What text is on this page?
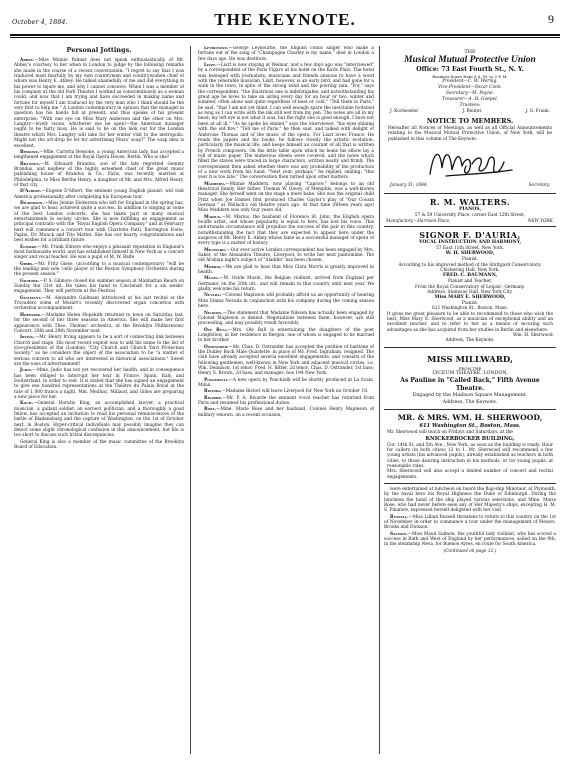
October 4, 1884.	THE KEYNOTE.	9
Personal Jottings.
Abbey.—Miss Minnie Palmer does not speak enthusiastically of Mr. Abbey's courtesy to her when in London to judge by the following remarks she made in the course of a recent conversation: "I regret to say that I was traduced most fearfully by my own countrymen and countrywomen chief of whom was Henry E. Abbey. He talked shamefully of me and did everything in his power to injure me, and why I cannot conceive. When I was a member of his company at the old Park Theatre I worked as conscientiously as a woman could, and now that I am trying and have succeeded in making name and fortune for myself I am traduced by the very man who I think should be the very first to help me." A London contemporary in opinion that the manager in question has his hands full at present, and thus speaks of his present enterprise: "With one eye on Miss Mary Anderson and the other on Mrs. Langtry—lovely vision, whichever eye be open!—the American manager ought to be fairly busy. He is said to be on the look out for the London theatre which Mrs. Langtry will take for her winter visit to the metropolis. Might not the art-drop be let for advertising Pears' soap?" The soap idea is excellent.
Bessone.—Mlle. Carlotta Bessone, a young American lady, has accepted a lengthened engagement at the Royal Opera House, Berlin. Who is she?
Brandus.—M. Edouard Brandus, son of the late regretted Gemmy Brandus, and nephew of the highly esteemed chief of the great music publishing house of Brandus & Co., Paris, was recently married at Philadelphia, to Miss Berthe Henry, a daughter of Mr. and Mrs. Alfred Henry, of that city.
D'Albert.—Eugene D'Albert, the eminent young English pianist, will visit America professionally after completing his European tour.
Dickerson.—Miss Jennie Dickerson who left for England in the spring has, we are glad to hear, achieved quite a success. In addition to singing at some of the best London concerts, she has taken part in many musical entertainments in society circles. She is now fulfilling an engagement as principal contralto with the "Royal English Opera Company," and in February next will commence a concert tour with Charlotta Patti, Barrington Foote, Papini, Dr. Munck and Tito Mattei. She has our hearty congratulations and best wishes for a brilliant future.
Elmore.—Mr. Frank Elmore who enjoys a pleasant reputation in England's most fashionable world, and has established himself in New York as a concert singer and vocal teacher. He was a pupil of M. W. Balfe.
Gibbs.—Mr. Fritz Giese, (according to a musical contemporary) "will be the leading and sole 'cello player of the Boston Symphony Orchestra during the present season."
Gilmore.—P. S. Gilmore closed his summer season at Manhattan Beach on Sunday the 31st ult. He takes his band to Cincinnati for a six weeks' engagement. They will perform at the Festival.
Guilmant.—M. Alexandre Guilmant introduced at his last recital at the Trocadéro some of Mozart's recently discovered organ concertos with orchestral accompaniment.
Hopekirk.—Madame Helen Hopekirk returned to town on Saturday last, for the second of her three seasons in America. She will make her first appearance with Theo. Thomas' orchestra, at the Brooklyn Philharmonic Concert, 28th and 29th November next.
Irving.—Mr. Henry Irving appears to be a sort of connecting link between Church and stage. His most recent exploit was to add his name to the list of vice-presidents of the (London) "City Church and Church Yard Protection Society," as he considers the object of the association to be "a matter of serious concern to all who are interested in historical associations." Sweet are the uses of advertisement!
Judic.—Mme. Judic has not yet recovered her health, and in consequence has been obliged to interrupt her tour in France, Spain, Italy, and Switzerland, in order to rest. It is stated that she has signed an engagement to give one hundred representations at the Théâtre du Palais Royal at the rate of 1,000 francs a night. Mm. Meilhac, Millaud, and Gilles are preparing a new piece for her.
Koch.—General Horatio King, an accomplished lawyer, a practical musician, a gallant soldier, an earnest politician, and a thoroughly a good fellow, has accepted an invitation to read his personal reminiscences of the battle of Bladensburg and the capture of Washington, on the 1st of October next, in Boston. Hyper-critical individuals may possibly imagine they can detect some slight chronological confusion in this announcement, but life is too short to discuss such trivial discrepancies.
General King is also a member of the music committee of the Brooklyn Board of Education.
Leybourne.—George Leybourne, the English comic singer who made a fortune out of the song of "Champagne Charley is my name," died in London a few days ago. He was destitute.
Liszt.—Liszt is now staying at Weimar, and a few days ago was "interviewed" by a correspondent of the Paris Figaro at his hotel on the Karls Platz. The hotel was besieged with journalists, musicians and friends anxious to have a word with the venerable musician. Liszt, however, is an early bird, and had gone for a walk in the town, in spite of the strong wind and the pouring rain. "For," says the correspondent, "the illustrious one is indefatigable, and notwithstanding his great age he loves to take an airing every day for an hour or two, winter and summer, often alone and quite regardless of heat or cold." "Tell them in Paris," he said, "that I am not yet blind. I can well enough spare the inevitable footstool as long as I can write with the ink still wet from my pen. The notes are all in my head; my left eye is not what it was, but the right one is good enough. I have not been at all ill." "As he spoke he smiled," says the interviewer, "his eyes shining with the old fire." "Tell me of Paris," he then said, and talked with delight of Ambroise Thomas and of the music of the opera. For Liszt loves France. He reads the papers and his books, he follows closely the artistic evolution, particularly the musical life, and keeps himself au courant of all that is written by French composers. On the little table upon which he leans his elbow lay a roll of music paper. The numerous sheets were covered, and the notes which filled the staves were traced in large characters, written neatly and firmly. The correspondent then asked whether there was any probability of the production of a new work from his hand. "Next year, perhaps," he replied, smiling; "this year it is too late." The conversation then turned upon other matters.
Maddern.—Minnie Maddern, now playing "Caprice," belongs to an old theatrical family. Her father, Thomas W. Davey, of Memphis, was a well-known manager. She herself went on the stage a mere babe. She was the original child Fritz when Joe Emmet first produced Charles Gaylor's play of "Our Cousin German," at Wallack's old theatre years ago. At that time (fifteen years ago) Miss Maddern was only four years old.
Marius.—M. Marius, the husband of Florence St. John, the English opera bouffe artist, and whose popularity is equal to hers, has lost his voice. This unfortunate circumstance will prejudice the success of the pair in this country, notwithstanding the fact that they are expected to appear here under the auspices of Mr. Henry E. Abbey whose fame as a successful manager of opera of every type is a matter of history.
Millward.—Our ever active London correspondent has been engaged by Mrs. Saker, of the Alexandra Theatre, Liverpool, to write her next pantomime. The old Arabian night's subject of "Aladdin" has been chosen.
Morris.—We are glad to hear that Miss Clara Morris is greatly improved in health.
Musin.—M. Ovide Musin, the Belgian violinist, arrived from England per Germanic on the 20th ult., and will remain in this country until next year. We gladly welcome his return.
Nevada.—Colonel Mapleson will probably afford us an opportunity of hearing Miss Emma Nevada in conjunction with his company during the coming season here.
Nilsson.—The statement that Madame Nilsson has actually been engaged by Colonel Mapleson is denied. Negotiations between them, however, are still proceeding, and may possibly result favorably.
Ole Bull.—Mrs. Ole Bull is entertaining the daughters of the poet Longfellow, at her residence in Bergen, one of whom is engaged to be married to her brother.
Ostrander.—Mr. Chas. D. Ostrander has accepted the position of baritone of the Dudley Buck Male Quartette, in place of Mr. Fred. Ingraham, resigned. The club have already accepted several excellent engagements; and consists of the following gentlemen, well-known in New York and adjacent musical circles, i.e. Wm. Dennison, 1st tenor; Fred. H. Bitter, 2d tenor; Chas. D. Ostrander, 1st bass; Henry S. Brown, 2d bass, and manager; box 194 New York.
Ponchielli.—A new opera by Ponchielli will be shortly produced at La Scala, Milan.
Ristori.—Madame Ristori will leave Liverpool for New York on October 18.
Rivarde.—Mr. P. A. Rivarde the eminent vocal teacher has returned from Paris and resumed his professional duties.
Rose.—Mme. Marie Rose and her husband, Colonel Henry Mapleson of military renown, on a recent occasion,
THE
Musical Mutual Protective Union
Office: 73 East Fourth St., N. Y.
Business hours from 9 A. M. to 5 P. M.
President—C. W. Wernig.
Vice-President—Oscar Coon.
Secretary—M. Payne.
Treasurer—A. H. Goepel.
Trustees:
J. Kocheseler.	J. Reuter.	J. G. Frank.
NOTICE TO MEMBERS.
Hereafter all Notices of Meetings, as well as all Official Announcements relating to the Musical Mutual Protective Union, of New York, will be published in this column of The Keynote.
January 31, 1884.	Secretary.
R. M. WALTERS.
PIANOS,
57 & 59 University Place, corner East 12th Street,
Manufactory—Harrison Place,	NEW YORK.
SIGNOR F. D'AURIA,
VOCAL INSTRUCTION AND HARMONY,
57 East 11th Street, New York.
W. H. SHERWOOD,
Pianist.
According to his improved method of the Stuttgard Conservatory.
Chickering Hall, New York.
FRED. C. BAUMANN,
Pianist and Teacher,
From the Royal Conservatory of Leipsic, Germany.
Address, Steinway Hall, New York City.
Miss MARY E. SHERWOOD,
Pianist.
611 Washington St., Boston, Mass.
It gives me great pleasure to be able to recommend to those who wish the best, Miss Mary E. Sherwood, as a musician of exceptional ability and an excellent teacher, and to refer to her as a means of securing such advantages as she has acquired from her studies in Berlin and elsewhere.
Wm. H. Sherwood.
Address, The Keynote.
MISS MILLWARD,
FROM THE
LYCEUM THEATRE, LONDON,
As Pauline in "Called Back," Fifth Avenue Theatre.
Engaged by the Madison Square Management.
Address, The Keynote.
MR. & MRS. WM. H. SHERWOOD,
611 Washington St., Boston, Mass.
Mr. Sherwood will teach on Fridays and Saturdays, at the
KNICKERBOCKER BUILDING,
Cor. 14th St. and 5th Ave., New York, as soon as the building is ready. Hour for callers (in both cities) 12 to 1. Mr. Sherwood will recommend a few young artists (his advanced pupils), already established as teachers in both cities, to those desiring instruction in his methods, or for young pupils, at reasonable rates.
Mrs. Sherwood will also accept a limited number of concert and recital engagements.
were entertained at luncheon on board the flag-ship Minotaur, at Plymouth, by the naval hero his Royal Highness the Duke of Edinburgh. During the luncheon the band of the ship played various selections, and Mme. Marie Rose, who had never before seen any of Her Majesty's ships, excepting H. M. S. Pinafore, expressed herself delighted with her visit.
Russell.—Miss Lillian Russell threatens to return to this country on the 1st of November in order to commence a tour under the management of Messrs. Brooks and Dickson.
Salmon.—Miss Maud Salmon, the youthful lady violinist, who has scored a success in Bath and West of England by her performances, sailed on the 9th, in the steamship Neva, for Buenos Ayres, en route for South America.
(Continued on page 12.)
